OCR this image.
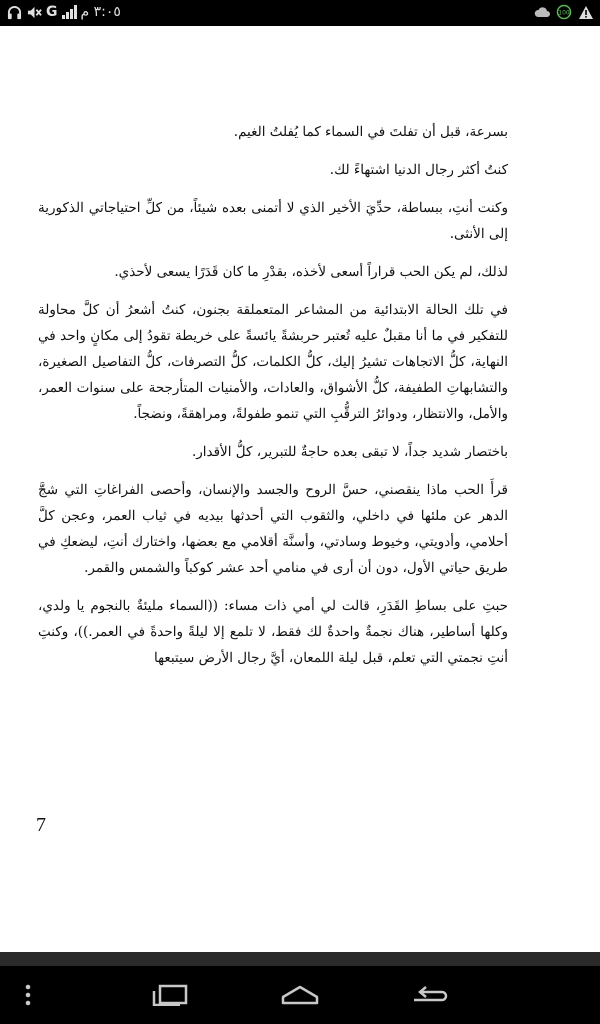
G ٣:٠٥ م	100

بسرعة، قبل أن تفلتَ في السماء كما يُفلتُ الغيم.

كنتُ أكثر رجال الدنيا اشتهاءً لك.

وكنت أنتِ، ببساطة، حدِّيَ الأخير الذي لا أتمنى بعده شيئاً، من كلِّ احتياجاتي الذكورية إلى الأنثى.

لذلك، لم يكن الحب قراراً أسعى لأخذه، بقدْرِ ما كان قَدَرًا يسعى لأحذي.

في تلك الحالة الابتدائية من المشاعر المتعملقة بجنون، كنتُ أشعرُ أن كلَّ محاولة للتفكير في ما أنا مقبلٌ عليه تُعتبر حربشةً يائسةً على خريطة تقودُ إلى مكانٍ واحد في النهاية، كلُّ الاتجاهات تشيرُ إليك، كلُّ الكلمات، كلُّ التصرفات، كلُّ التفاصيل الصغيرة، والتشابهاتِ الطفيفة، كلُّ الأشواق، والعادات، والأمنيات المتأرجحة على سنوات العمر، والأمل، والانتظار، ودوائرُ الترقُّبِ التي تنمو طفولةً، ومراهقةً، ونضجاً.

باختصار شديد جداً، لا تبقى بعده حاجةٌ للتبرير، كلُّ الأقدار.

قرأَ الحب ماذا ينقصني، حسَّ الروح والجسد والإنسان، وأحصى الفراغاتِ التي شجَّ الدهر عن ملئها في داخلي، والثقوب التي أحدثها بيديه في ثياب العمر، وعجن كلَّ أحلامي، وأدويتي، وخيوط وسادتي، وأسنَّة أقلامي مع بعضها، واختارك أنتِ، ليضعكِ في طريق حياتي الأول، دون أن أرى في منامي أحد عشر كوكباً والشمس والقمر.

حبتِ على بساطِ القَدَرِ، قالت لي أمي ذات مساء: ((السماء مليئةٌ بالنجوم يا ولدي، وكلها أساطير، هناك نجمةٌ واحدةٌ لك فقط، لا تلمع إلا ليلةً واحدةً في العمر.))، وكنتِ أنتِ نجمتي التي تعلم، قبل ليلة اللمعان، أيَّ رجال الأرض سيتبعها

7
